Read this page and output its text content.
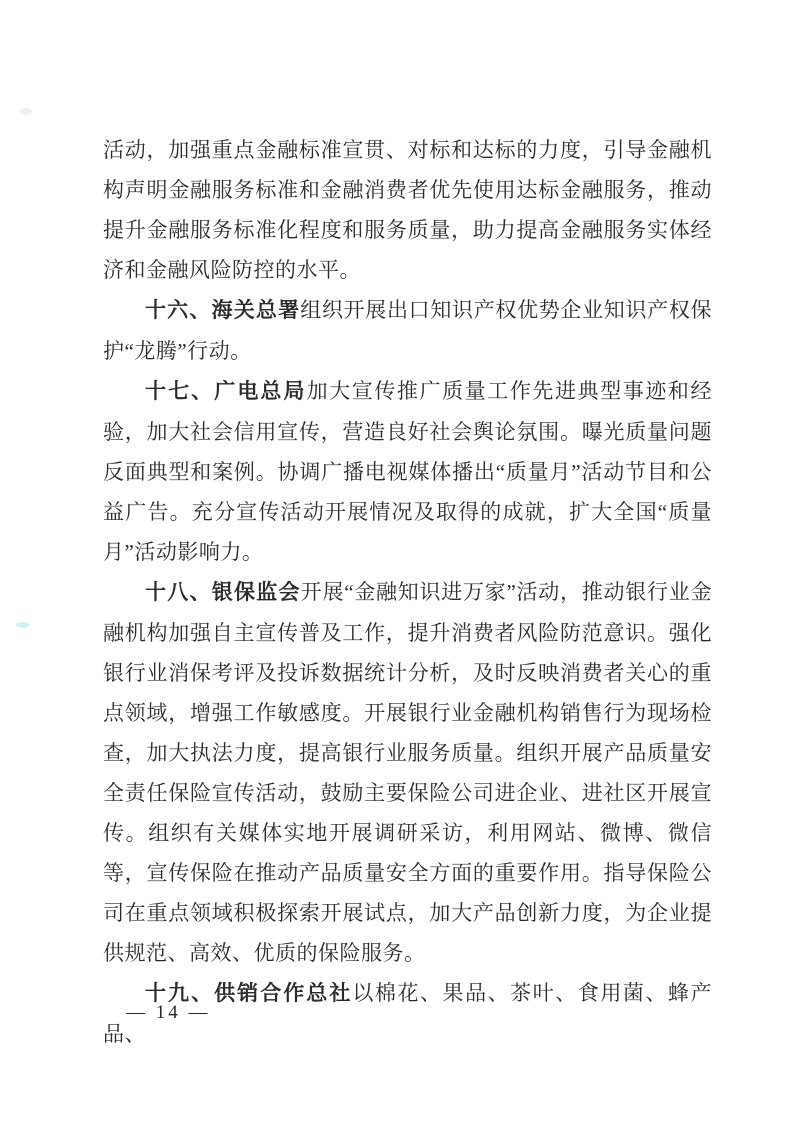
活动，加强重点金融标准宣贯、对标和达标的力度，引导金融机构声明金融服务标准和金融消费者优先使用达标金融服务，推动提升金融服务标准化程度和服务质量，助力提高金融服务实体经济和金融风险防控的水平。

十六、海关总署组织开展出口知识产权优势企业知识产权保护“龙腾”行动。

十七、广电总局加大宣传推广质量工作先进典型事迹和经验，加大社会信用宣传，营造良好社会舆论氛围。曝光质量问题反面典型和案例。协调广播电视媒体播出“质量月”活动节目和公益广告。充分宣传活动开展情况及取得的成就，扩大全国“质量月”活动影响力。

十八、银保监会开展“金融知识进万家”活动，推动银行业金融机构加强自主宣传普及工作，提升消费者风险防范意识。强化银行业消保考评及投诉数据统计分析，及时反映消费者关心的重点领域，增强工作敏感度。开展银行业金融机构销售行为现场检查，加大执法力度，提高银行业服务质量。组织开展产品质量安全责任保险宣传活动，鼓励主要保险公司进企业、进社区开展宣传。组织有关媒体实地开展调研采访，利用网站、微博、微信等，宣传保险在推动产品质量安全方面的重要作用。指导保险公司在重点领域积极探索开展试点，加大产品创新力度，为企业提供规范、高效、优质的保险服务。

十九、供销合作总社以棉花、果品、茶叶、食用菌、蜂产品、

— 14 —
